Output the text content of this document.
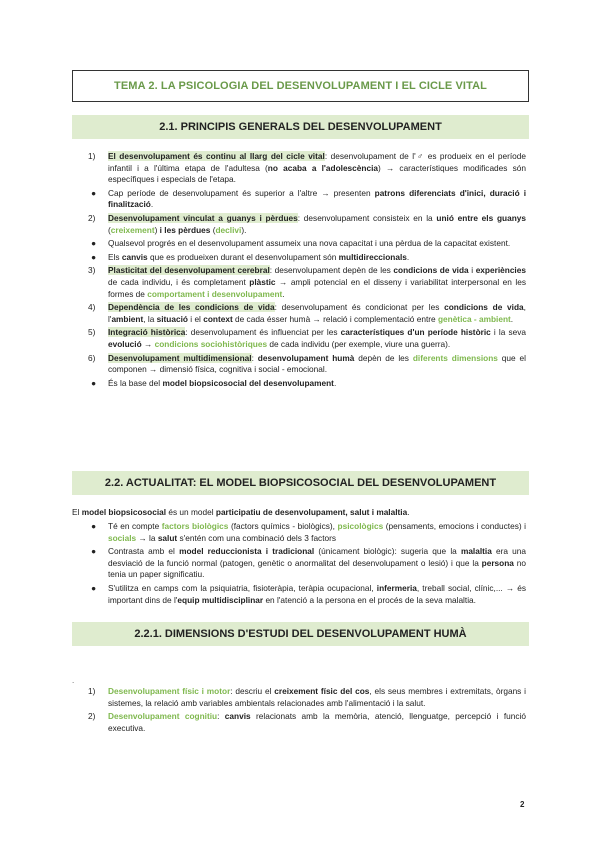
TEMA 2. LA PSICOLOGIA DEL DESENVOLUPAMENT I EL CICLE VITAL
2.1. PRINCIPIS GENERALS DEL DESENVOLUPAMENT
1) El desenvolupament és continu al llarg del cicle vital: desenvolupament de l'♂ es produeix en el període infantil i a l'última etapa de l'adultesa (no acaba a l'adolescència) → característiques modificades són específiques i especials de l'etapa.
● Cap període de desenvolupament és superior a l'altre → presenten patrons diferenciats d'inici, duració i finalització.
2) Desenvolupament vinculat a guanys i pèrdues: desenvolupament consisteix en la unió entre els guanys (creixement) i les pèrdues (declivi).
● Qualsevol progrés en el desenvolupament assumeix una nova capacitat i una pèrdua de la capacitat existent.
● Els canvis que es produeixen durant el desenvolupament són multidireccionals.
3) Plasticitat del desenvolupament cerebral: desenvolupament depèn de les condicions de vida i experiències de cada individu, i és completament plàstic → ampli potencial en el disseny i variabilitat interpersonal en les formes de comportament i desenvolupament.
4) Dependència de les condicions de vida: desenvolupament és condicionat per les condicions de vida, l'ambient, la situació i el context de cada ésser humà → relació i complementació entre genètica - ambient.
5) Integració històrica: desenvolupament és influenciat per les característiques d'un període històric i la seva evolució → condicions sociohistòriques de cada individu (per exemple, viure una guerra).
6) Desenvolupament multidimensional: desenvolupament humà depèn de les diferents dimensions que el componen → dimensió física, cognitiva i social - emocional.
● És la base del model biopsicosocial del desenvolupament.
2.2. ACTUALITAT: EL MODEL BIOPSICOSOCIAL DEL DESENVOLUPAMENT
El model biopsicosocial és un model participatiu de desenvolupament, salut i malaltia.
● Té en compte factors biològics (factors químics - biològics), psicològics (pensaments, emocions i conductes) i socials → la salut s'entén com una combinació dels 3 factors
● Contrasta amb el model reduccionista i tradicional (únicament biològic): sugeria que la malaltia era una desviació de la funció normal (patogen, genètic o anormalitat del desenvolupament o lesió) i que la persona no tenia un paper significatiu.
● S'utilitza en camps com la psiquiatria, fisioteràpia, teràpia ocupacional, infermeria, treball social, clínic,... → és important dins de l'equip multidisciplinar en l'atenció a la persona en el procés de la seva malaltia.
2.2.1. DIMENSIONS D'ESTUDI DEL DESENVOLUPAMENT HUMÀ
.
1) Desenvolupament físic i motor: descriu el creixement físic del cos, els seus membres i extremitats, òrgans i sistemes, la relació amb variables ambientals relacionades amb l'alimentació i la salut.
2) Desenvolupament cognitiu: canvis relacionats amb la memòria, atenció, llenguatge, percepció i funció executiva.
2
